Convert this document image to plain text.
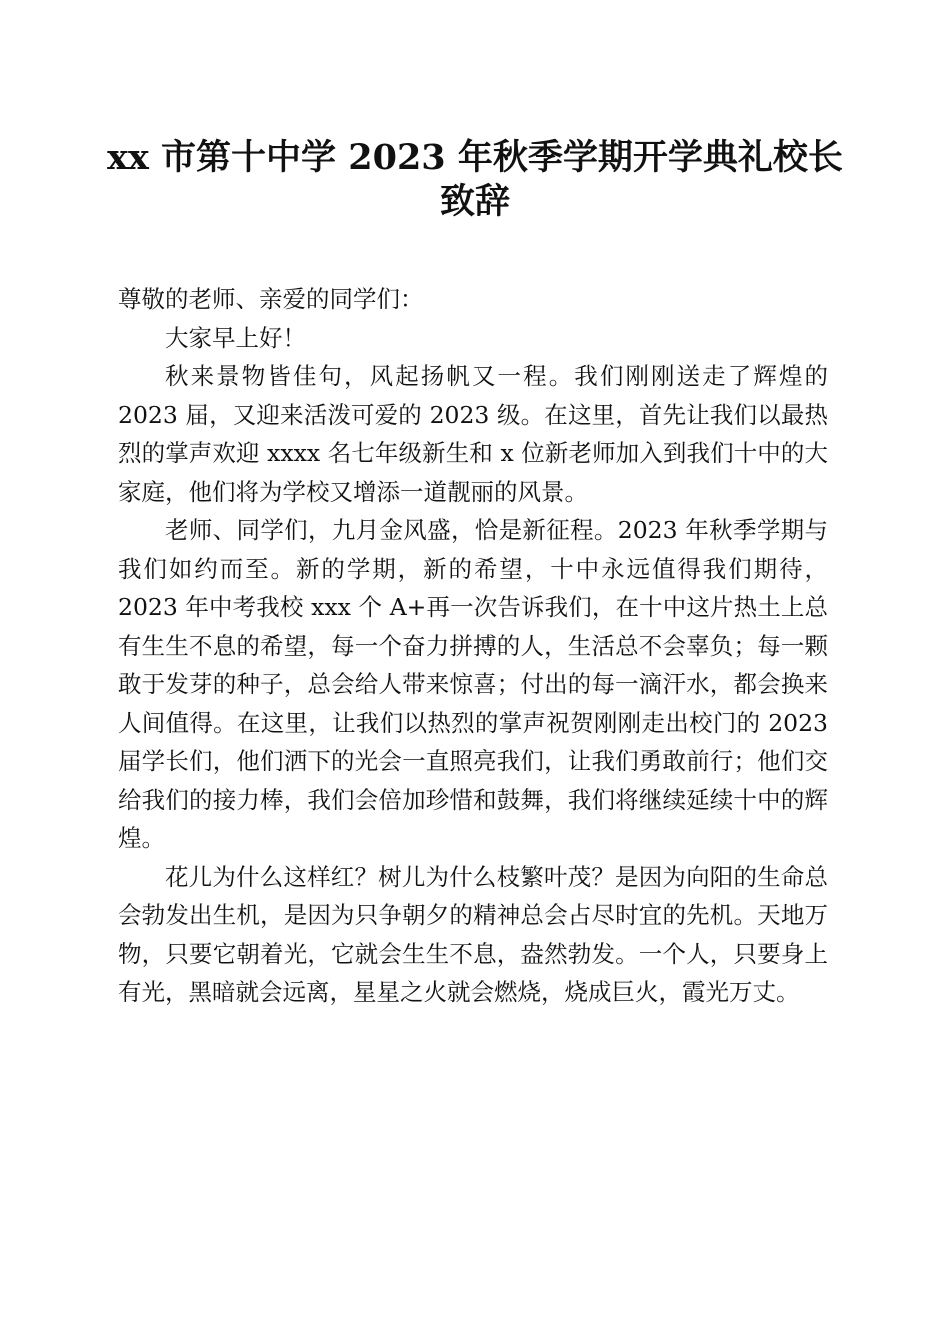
xx 市第十中学 2023 年秋季学期开学典礼校长致辞

尊敬的老师、亲爱的同学们：

大家早上好！

秋来景物皆佳句，风起扬帆又一程。我们刚刚送走了辉煌的 2023 届，又迎来活泼可爱的 2023 级。在这里，首先让我们以最热烈的掌声欢迎 xxxx 名七年级新生和 x 位新老师加入到我们十中的大家庭，他们将为学校又增添一道靓丽的风景。

老师、同学们，九月金风盛，恰是新征程。2023 年秋季学期与我们如约而至。新的学期，新的希望，十中永远值得我们期待，2023 年中考我校 xxx 个 A+再一次告诉我们，在十中这片热土上总有生生不息的希望，每一个奋力拼搏的人，生活总不会辜负；每一颗敢于发芽的种子，总会给人带来惊喜；付出的每一滴汗水，都会换来人间值得。在这里，让我们以热烈的掌声祝贺刚刚走出校门的 2023 届学长们，他们洒下的光会一直照亮我们，让我们勇敢前行；他们交给我们的接力棒，我们会倍加珍惜和鼓舞，我们将继续延续十中的辉煌。

花儿为什么这样红？树儿为什么枝繁叶茂？是因为向阳的生命总会勃发出生机，是因为只争朝夕的精神总会占尽时宜的先机。天地万物，只要它朝着光，它就会生生不息，盎然勃发。一个人，只要身上有光，黑暗就会远离，星星之火就会燃烧，烧成巨火，霞光万丈。
